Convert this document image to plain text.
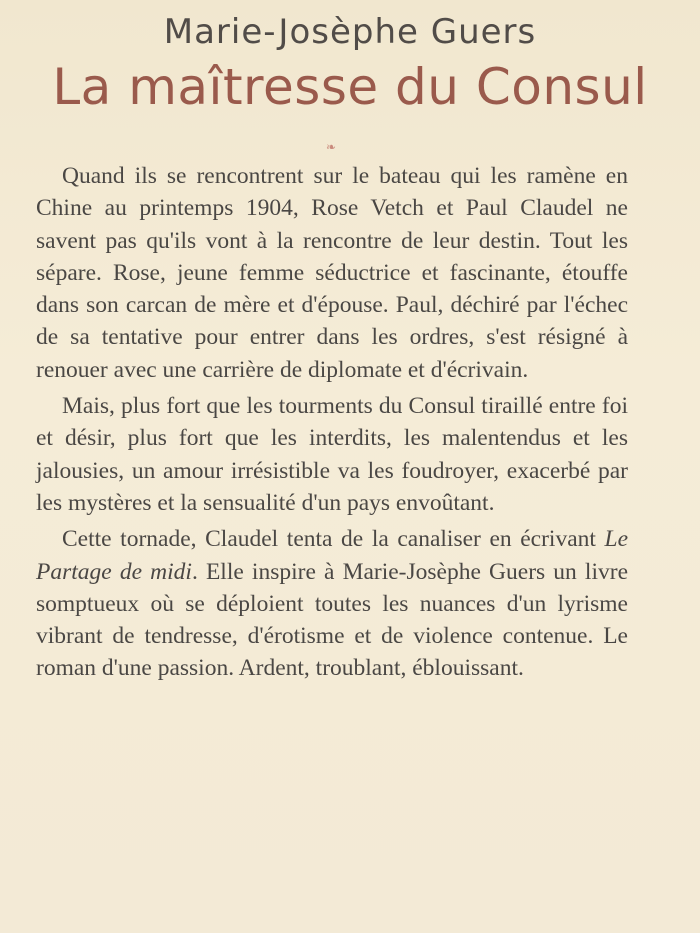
Marie-Josèphe Guers
La maîtresse du Consul
❧

Quand ils se rencontrent sur le bateau qui les ramène en Chine au printemps 1904, Rose Vetch et Paul Claudel ne savent pas qu'ils vont à la rencontre de leur destin. Tout les sépare. Rose, jeune femme séductrice et fascinante, étouffe dans son carcan de mère et d'épouse. Paul, déchiré par l'échec de sa tentative pour entrer dans les ordres, s'est résigné à renouer avec une carrière de diplomate et d'écrivain.

Mais, plus fort que les tourments du Consul tiraillé entre foi et désir, plus fort que les interdits, les malentendus et les jalousies, un amour irrésistible va les foudroyer, exacerbé par les mystères et la sensualité d'un pays envoûtant.

Cette tornade, Claudel tenta de la canaliser en écrivant Le Partage de midi. Elle inspire à Marie-Josèphe Guers un livre somptueux où se déploient toutes les nuances d'un lyrisme vibrant de tendresse, d'érotisme et de violence contenue. Le roman d'une passion. Ardent, troublant, éblouissant.
